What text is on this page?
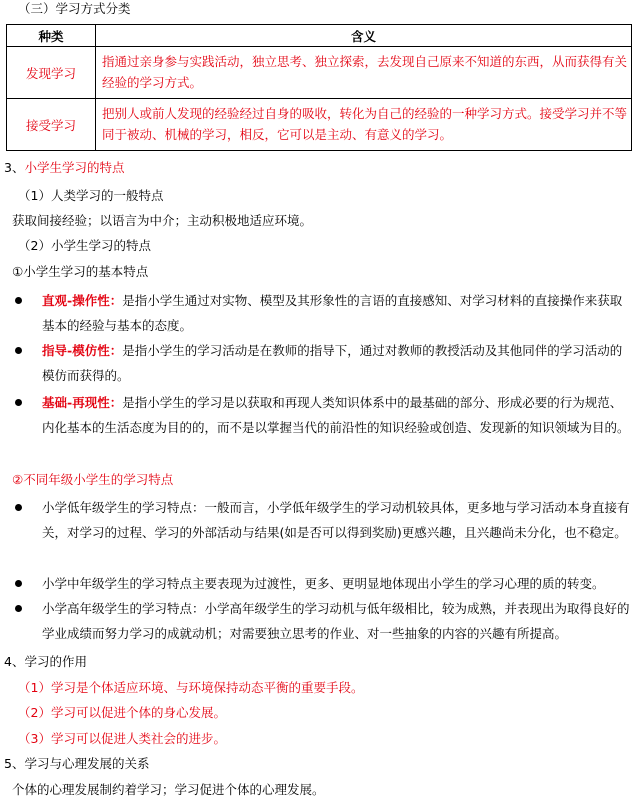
（三）学习方式分类
种类	含义
发现学习	指通过亲身参与实践活动，独立思考、独立探索，去发现自己原来不知道的东西，从而获得有关经验的学习方式。
接受学习	把别人或前人发现的经验经过自身的吸收，转化为自己的经验的一种学习方式。接受学习并不等同于被动、机械的学习，相反，它可以是主动、有意义的学习。
3、小学生学习的特点
（1）人类学习的一般特点
获取间接经验；以语言为中介；主动积极地适应环境。
（2）小学生学习的特点
①小学生学习的基本特点
直观-操作性：是指小学生通过对实物、模型及其形象性的言语的直接感知、对学习材料的直接操作来获取基本的经验与基本的态度。
指导-模仿性：是指小学生的学习活动是在教师的指导下，通过对教师的教授活动及其他同伴的学习活动的模仿而获得的。
基础-再现性：是指小学生的学习是以获取和再现人类知识体系中的最基础的部分、形成必要的行为规范、内化基本的生活态度为目的的，而不是以掌握当代的前沿性的知识经验或创造、发现新的知识领域为目的。
②不同年级小学生的学习特点
小学低年级学生的学习特点：一般而言，小学低年级学生的学习动机较具体，更多地与学习活动本身直接有关，对学习的过程、学习的外部活动与结果(如是否可以得到奖励)更感兴趣，且兴趣尚未分化，也不稳定。
小学中年级学生的学习特点主要表现为过渡性，更多、更明显地体现出小学生的学习心理的质的转变。
小学高年级学生的学习特点：小学高年级学生的学习动机与低年级相比，较为成熟，并表现出为取得良好的学业成绩而努力学习的成就动机；对需要独立思考的作业、对一些抽象的内容的兴趣有所提高。
4、学习的作用
（1）学习是个体适应环境、与环境保持动态平衡的重要手段。
（2）学习可以促进个体的身心发展。
（3）学习可以促进人类社会的进步。
5、学习与心理发展的关系
个体的心理发展制约着学习；学习促进个体的心理发展。
